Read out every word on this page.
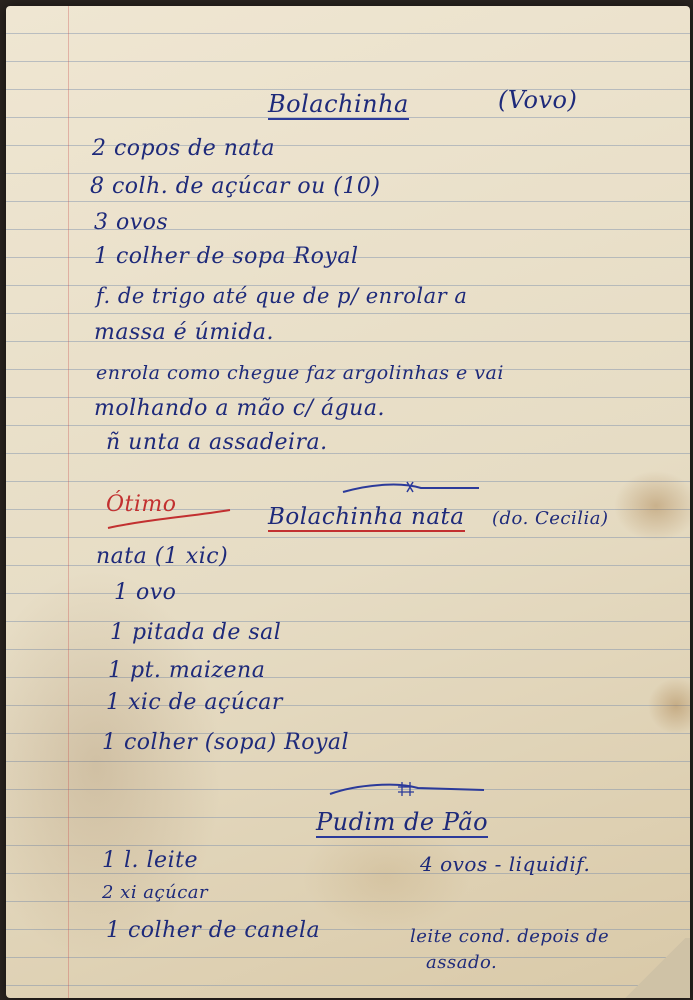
Bolachinha	(Vovo)
2 copos de nata
8 colh. de açúcar ou (10)
3 ovos
1 colher de sopa Royal
f. de trigo até que de p/ enrolar a
massa é úmida.
enrola como chegue faz argolinhas e vai
molhando a mão c/ água.
ñ unta a assadeira.
Ótimo	Bolachinha nata (do. Cecilia)
nata (1 xic)
1 ovo
1 pitada de sal
1 pt. maizena
1 xic de açúcar
1 colher (sopa) Royal
Pudim de Pão
1 l. leite
2 xi açúcar
1 colher de canela
4 ovos - liquidif.
leite cond. depois de
assado.
